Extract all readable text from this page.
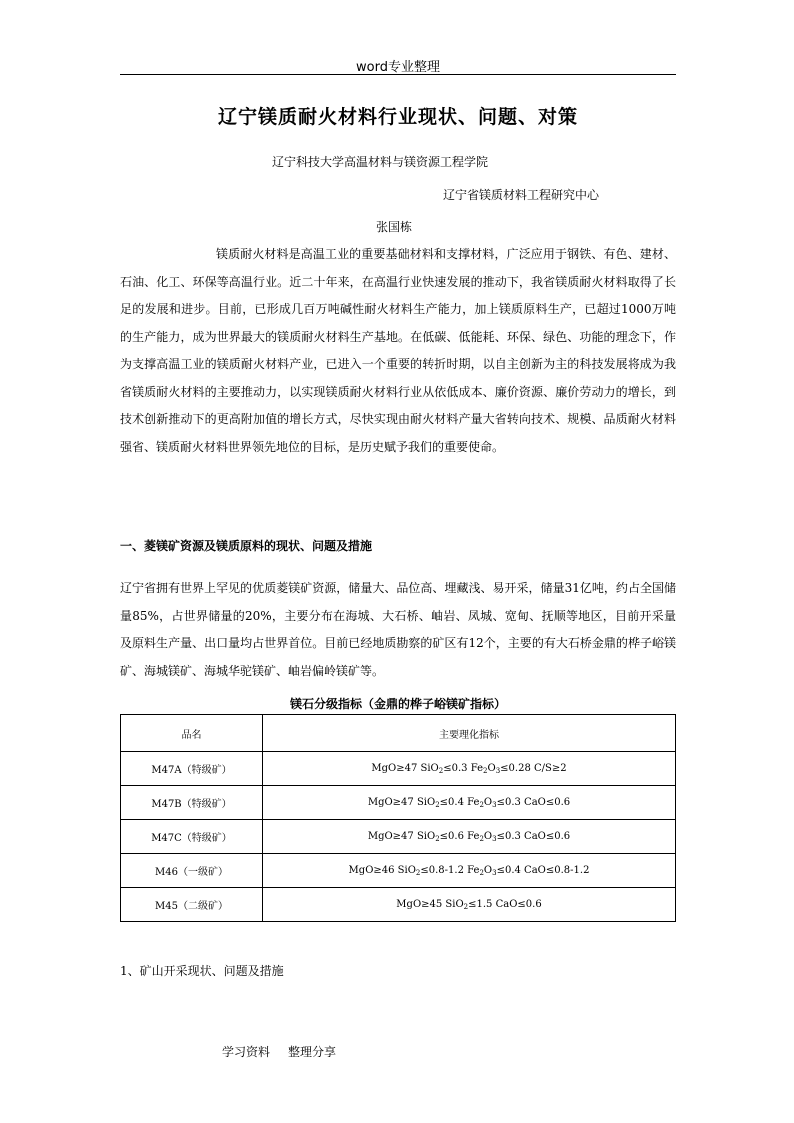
word专业整理
辽宁镁质耐火材料行业现状、问题、对策
辽宁科技大学高温材料与镁资源工程学院
辽宁省镁质材料工程研究中心
张国栋

镁质耐火材料是高温工业的重要基础材料和支撑材料，广泛应用于钢铁、有色、建材、石油、化工、环保等高温行业。近二十年来，在高温行业快速发展的推动下，我省镁质耐火材料取得了长足的发展和进步。目前，已形成几百万吨碱性耐火材料生产能力，加上镁质原料生产，已超过1000万吨的生产能力，成为世界最大的镁质耐火材料生产基地。在低碳、低能耗、环保、绿色、功能的理念下，作为支撑高温工业的镁质耐火材料产业，已进入一个重要的转折时期，以自主创新为主的科技发展将成为我省镁质耐火材料的主要推动力，以实现镁质耐火材料行业从依低成本、廉价资源、廉价劳动力的增长，到技术创新推动下的更高附加值的增长方式，尽快实现由耐火材料产量大省转向技术、规模、品质耐火材料强省、镁质耐火材料世界领先地位的目标，是历史赋予我们的重要使命。

一、菱镁矿资源及镁质原料的现状、问题及措施

辽宁省拥有世界上罕见的优质菱镁矿资源，储量大、品位高、埋藏浅、易开采，储量31亿吨，约占全国储量85%，占世界储量的20%，主要分布在海城、大石桥、岫岩、凤城、宽甸、抚顺等地区，目前开采量及原料生产量、出口量均占世界首位。目前已经地质勘察的矿区有12个，主要的有大石桥金鼎的桦子峪镁矿、海城镁矿、海城华驼镁矿、岫岩偏岭镁矿等。

镁石分级指标（金鼎的桦子峪镁矿指标）
品名	主要理化指标
M47A（特级矿）	MgO≥47 SiO$_2$≤0.3 $Fe_2O_3\le 0.28$ C/S≥2
M47B（特级矿）	MgO≥47 SiO$_2$≤0.4 $Fe_2O_3\le 0.3$ CaO≤0.6
M47C（特级矿）	MgO≥47 SiO$_2$≤0.6 $Fe_2O_3\le 0.3$ CaO≤0.6
M46（一级矿）	MgO≥46 SiO$_2$≤0.8-1.2 $Fe_2O_3\le 0.4$ CaO≤0.8-1.2
M45（二级矿）	MgO≥45 SiO$_2$≤1.5 CaO≤0.6
1、矿山开采现状、问题及措施
学习资料 整理分享
